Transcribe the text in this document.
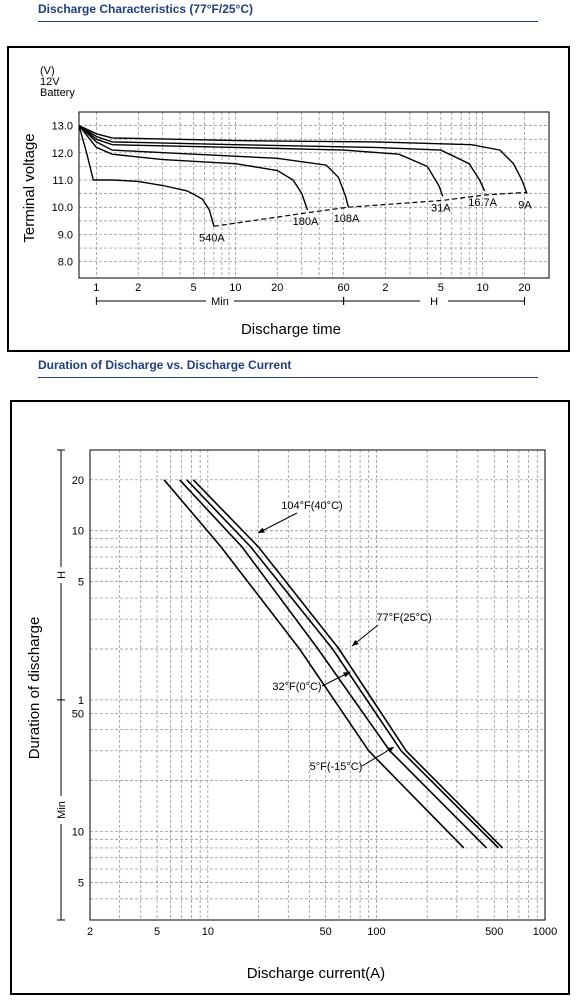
Discharge Characteristics (77°F/25°C)
13.0
12.0
11.0
10.0
9.0
8.0
1	2	5	10	20	60	2	5	10	20
Min	H
Discharge time
Terminal voltage
(V)
12V
Battery
540A
180A 108A
31A 16.7A 9A
Duration of Discharge vs. Discharge Current
2	5	10	50	100	500	1000
20
10
5
1
50
10
5
H
Min
Discharge current(A)
Duration of discharge
104°F(40°C)
77°F(25°C)
32°F(0°C)
5°F(-15°C)
